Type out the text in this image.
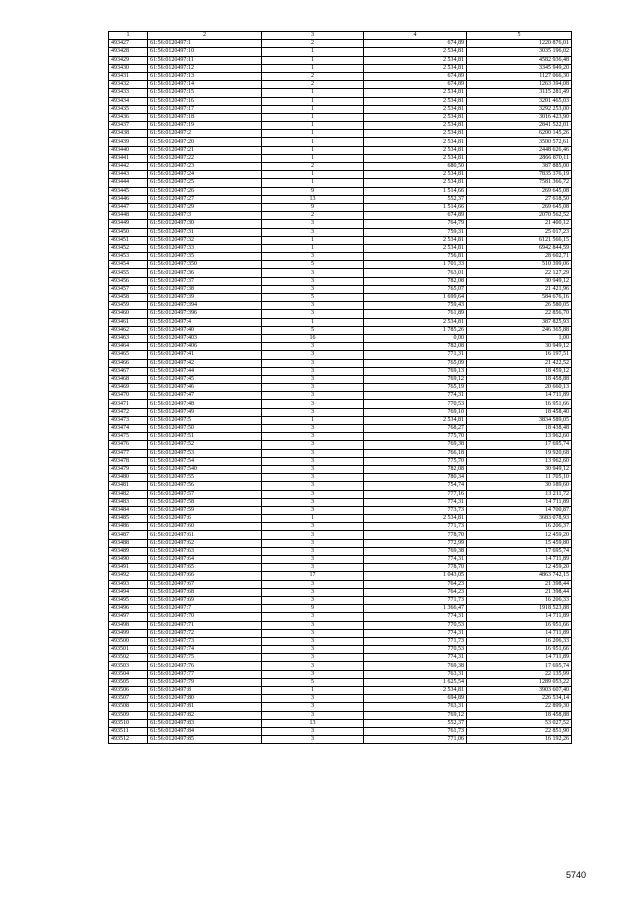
1	2	3	4	5
493427	61:56:0120497:1	2	674,89	1220 876,01
493428	61:56:0120497:10	1	2 534,81	3035 196,02
493429	61:56:0120497:11	1	2 534,81	4582 936,48
493430	61:56:0120497:12	1	2 534,81	3345 949,20
493431	61:56:0120497:13	2	674,89	1127 066,30
493432	61:56:0120497:14	2	674,89	1263 394,08
493433	61:56:0120497:15	1	2 534,81	3115 281,49
493434	61:56:0120497:16	1	2 534,81	3201 465,03
493435	61:56:0120497:17	1	2 534,81	3292 253,00
493436	61:56:0120497:18	1	2 534,81	3016 423,90
493437	61:56:0120497:19	1	2 534,81	2841 522,01
493438	61:56:0120497:2	1	2 534,81	6200 145,26
493439	61:56:0120497:20	1	2 534,81	3500 572,61
493440	61:56:0120497:21	1	2 534,81	2448 626,46
493441	61:56:0120497:22	1	2 534,81	2866 870,11
493442	61:56:0120497:23	2	680,50	387 885,00
493443	61:56:0120497:24	1	2 534,81	7835 376,19
493444	61:56:0120497:25	1	2 534,81	7581 366,72
493445	61:56:0120497:26	9	1 514,66	269 645,08
493446	61:56:0120497:27	13	552,37	27 618,50
493447	61:56:0120497:29	9	1 514,66	269 645,08
493448	61:56:0120497:3	2	674,89	2070 562,52
493449	61:56:0120497:30	3	764,79	21 400,12
493450	61:56:0120497:31	3	759,31	25 017,23
493451	61:56:0120497:32	1	2 534,81	6121 566,15
493452	61:56:0120497:33	1	2 534,81	6942 844,59
493453	61:56:0120497:35	3	756,81	28 602,71
493454	61:56:0120497:350	5	1 701,33	510 399,06
493455	61:56:0120497:36	3	763,01	22 127,29
493456	61:56:0120497:37	3	782,08	30 949,12
493457	61:56:0120497:38	3	765,07	21 421,96
493458	61:56:0120497:39	5	1 699,64	584 676,16
493459	61:56:0120497:394	3	759,43	26 580,05
493460	61:56:0120497:396	3	761,89	22 856,70
493461	61:56:0120497:4	1	2 534,81	387 825,93
493462	61:56:0120497:40	5	1 785,26	246 365,88
493463	61:56:0120497:403	16	0,00	1,00
493464	61:56:0120497:406	3	782,08	30 949,12
493465	61:56:0120497:41	3	771,31	16 197,51
493466	61:56:0120497:42	3	765,09	21 422,52
493467	61:56:0120497:44	3	769,13	18 459,12
493468	61:56:0120497:45	3	769,12	18 458,88
493469	61:56:0120497:46	3	765,19	20 660,13
493470	61:56:0120497:47	3	774,31	14 711,89
493471	61:56:0120497:48	3	770,53	16 951,66
493472	61:56:0120497:49	3	769,10	18 458,40
493473	61:56:0120497:5	1	2 534,81	3834 589,05
493474	61:56:0120497:50	3	768,27	18 438,48
493475	61:56:0120497:51	3	775,70	13 962,60
493476	61:56:0120497:52	3	769,38	17 695,74
493477	61:56:0120497:53	3	766,18	19 920,68
493478	61:56:0120497:54	3	775,70	13 962,60
493479	61:56:0120497:540	3	782,08	30 949,12
493480	61:56:0120497:55	3	780,34	11 705,10
493481	61:56:0120497:56	3	754,74	30 189,60
493482	61:56:0120497:57	3	777,16	13 211,72
493483	61:56:0120497:58	3	774,31	14 711,89
493484	61:56:0120497:59	3	773,73	14 700,87
493485	61:56:0120497:6	1	2 534,81	3683 078,93
493486	61:56:0120497:60	3	771,73	16 206,37
493487	61:56:0120497:61	3	778,70	12 459,20
493488	61:56:0120497:62	3	772,99	15 459,80
493489	61:56:0120497:63	3	769,38	17 695,74
493490	61:56:0120497:64	3	774,31	14 711,89
493491	61:56:0120497:65	3	778,70	12 459,20
493492	61:56:0120497:66	17	1 043,05	4863 742,15
493493	61:56:0120497:67	3	764,23	21 398,44
493494	61:56:0120497:68	3	764,23	21 398,44
493495	61:56:0120497:69	3	771,73	16 206,33
493496	61:56:0120497:7	9	1 366,47	1918 523,88
493497	61:56:0120497:70	3	774,31	14 711,89
493498	61:56:0120497:71	3	770,53	16 951,66
493499	61:56:0120497:72	3	774,31	14 711,89
493500	61:56:0120497:73	3	771,73	16 206,33
493501	61:56:0120497:74	3	770,53	16 951,66
493502	61:56:0120497:75	3	774,31	14 711,89
493503	61:56:0120497:76	3	769,38	17 695,74
493504	61:56:0120497:77	3	763,31	22 135,99
493505	61:56:0120497:79	5	1 625,54	1289 053,22
493506	61:56:0120497:8	1	2 534,81	3903 607,40
493507	61:56:0120497:80	3	694,89	226 534,14
493508	61:56:0120497:81	3	763,31	22 899,30
493509	61:56:0120497:82	3	769,12	18 458,88
493510	61:56:0120497:83	13	552,37	53 027,52
493511	61:56:0120497:84	3	761,73	22 851,90
493512	61:56:0120497:85	3	771,06	16 192,26
5740
